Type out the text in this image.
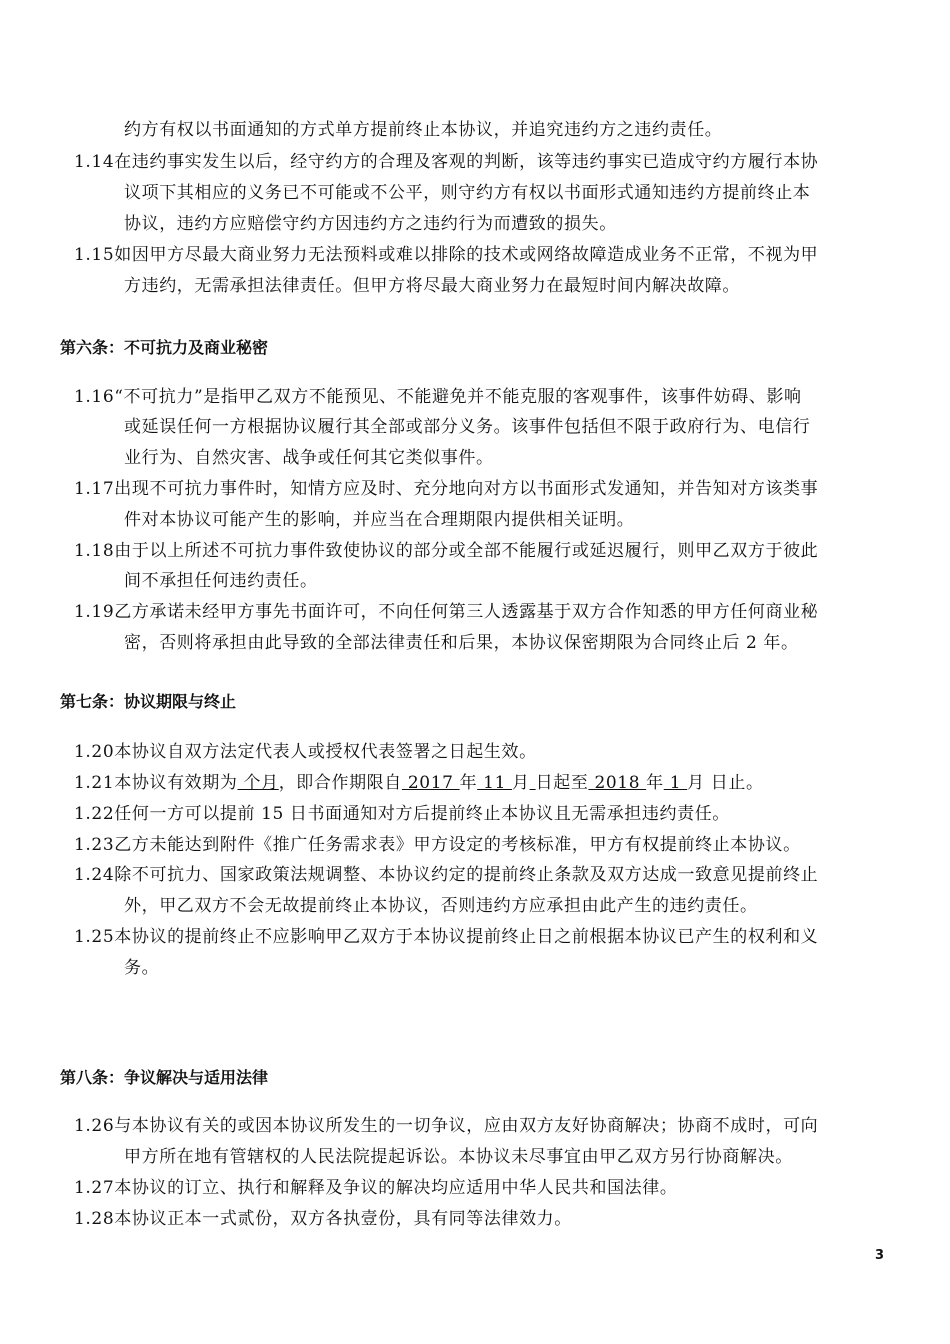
约方有权以书面通知的方式单方提前终止本协议，并追究违约方之违约责任。
1.14在违约事实发生以后，经守约方的合理及客观的判断，该等违约事实已造成守约方履行本协
议项下其相应的义务已不可能或不公平，则守约方有权以书面形式通知违约方提前终止本
协议，违约方应赔偿守约方因违约方之违约行为而遭致的损失。
1.15如因甲方尽最大商业努力无法预料或难以排除的技术或网络故障造成业务不正常，不视为甲
方违约，无需承担法律责任。但甲方将尽最大商业努力在最短时间内解决故障。
第六条：不可抗力及商业秘密
1.16“不可抗力”是指甲乙双方不能预见、不能避免并不能克服的客观事件，该事件妨碍、影响
或延误任何一方根据协议履行其全部或部分义务。该事件包括但不限于政府行为、电信行
业行为、自然灾害、战争或任何其它类似事件。
1.17出现不可抗力事件时，知情方应及时、充分地向对方以书面形式发通知，并告知对方该类事
件对本协议可能产生的影响，并应当在合理期限内提供相关证明。
1.18由于以上所述不可抗力事件致使协议的部分或全部不能履行或延迟履行，则甲乙双方于彼此
间不承担任何违约责任。
1.19乙方承诺未经甲方事先书面许可，不向任何第三人透露基于双方合作知悉的甲方任何商业秘
密，否则将承担由此导致的全部法律责任和后果，本协议保密期限为合同终止后 2 年。
第七条：协议期限与终止
1.20本协议自双方法定代表人或授权代表签署之日起生效。
1.21本协议有效期为 个月，即合作期限自 2017 年 11 月 日起至 2018 年 1 月 日止。
1.22任何一方可以提前 15 日书面通知对方后提前终止本协议且无需承担违约责任。
1.23乙方未能达到附件《推广任务需求表》甲方设定的考核标准，甲方有权提前终止本协议。
1.24除不可抗力、国家政策法规调整、本协议约定的提前终止条款及双方达成一致意见提前终止
外，甲乙双方不会无故提前终止本协议，否则违约方应承担由此产生的违约责任。
1.25本协议的提前终止不应影响甲乙双方于本协议提前终止日之前根据本协议已产生的权利和义
务。
第八条：争议解决与适用法律
1.26与本协议有关的或因本协议所发生的一切争议，应由双方友好协商解决；协商不成时，可向
甲方所在地有管辖权的人民法院提起诉讼。本协议未尽事宜由甲乙双方另行协商解决。
1.27本协议的订立、执行和解释及争议的解决均应适用中华人民共和国法律。
1.28本协议正本一式贰份，双方各执壹份，具有同等法律效力。
3
